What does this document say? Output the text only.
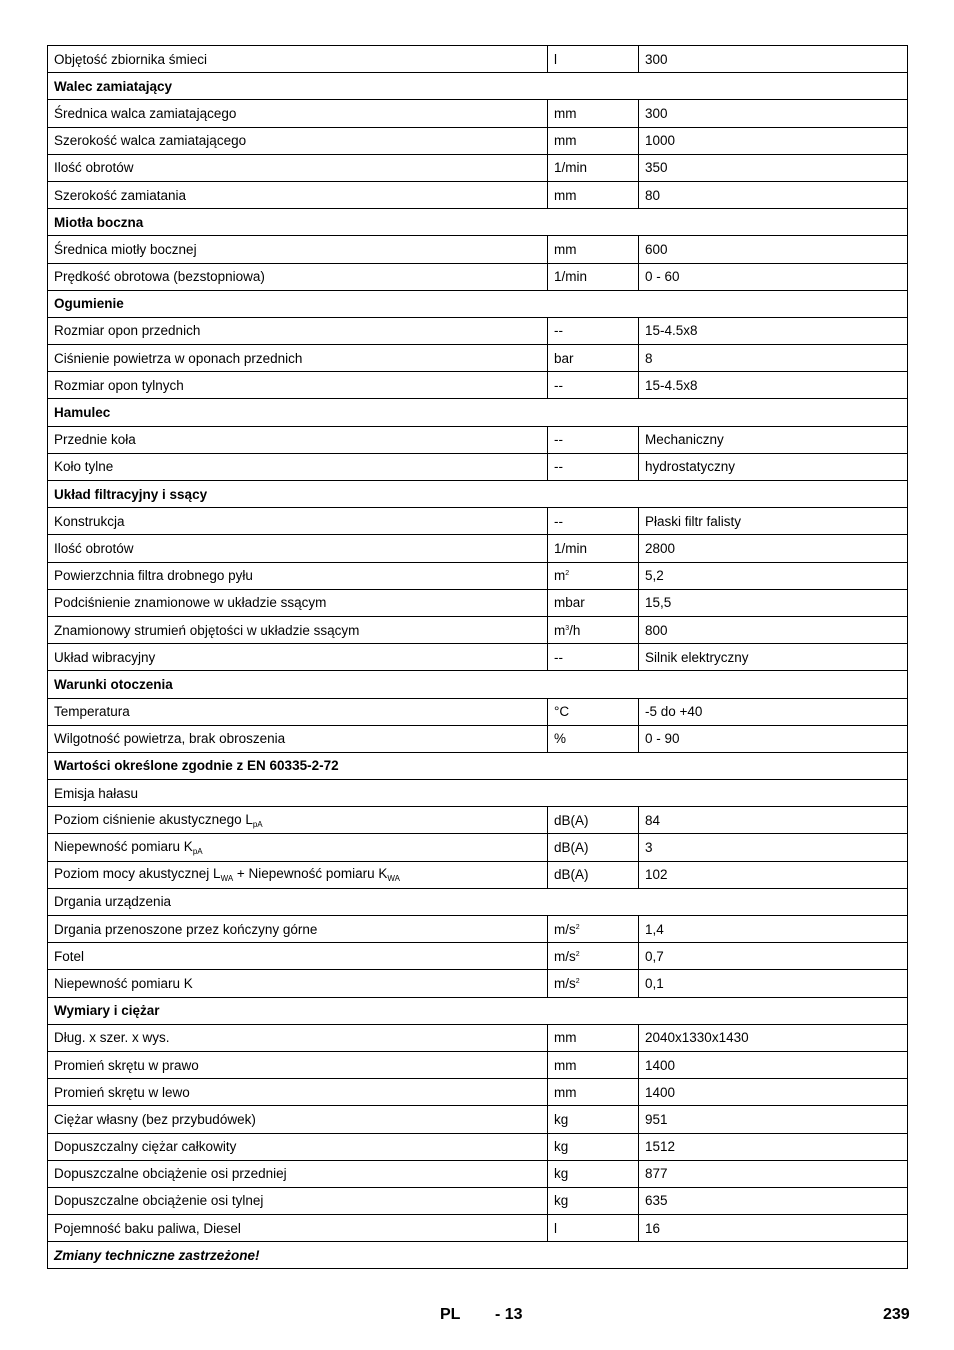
Objętość zbiornika śmieci	l	300
Walec zamiatający		
Średnica walca zamiatającego	mm	300
Szerokość walca zamiatającego	mm	1000
Ilość obrotów	1/min	350
Szerokość zamiatania	mm	80
Miotła boczna		
Średnica miotły bocznej	mm	600
Prędkość obrotowa (bezstopniowa)	1/min	0 - 60
Ogumienie		
Rozmiar opon przednich	--	15-4.5x8
Ciśnienie powietrza w oponach przednich	bar	8
Rozmiar opon tylnych	--	15-4.5x8
Hamulec		
Przednie koła	--	Mechaniczny
Koło tylne	--	hydrostatyczny
Układ filtracyjny i ssący		
Konstrukcja	--	Płaski filtr falisty
Ilość obrotów	1/min	2800
Powierzchnia filtra drobnego pyłu	$m^2$	5,2
Podciśnienie znamionowe w układzie ssącym	mbar	15,5
Znamionowy strumień objętości w układzie ssącym	$m^3/h$	800
Układ wibracyjny	--	Silnik elektryczny
Warunki otoczenia		
Temperatura	°C	-5 do +40
Wilgotność powietrza, brak obroszenia	%	0 - 90
Wartości określone zgodnie z EN 60335-2-72		
Emisja hałasu		
Poziom ciśnienie akustycznego $L_{pA}$	dB(A)	84
Niepewność pomiaru $K_{pA}$	dB(A)	3
Poziom mocy akustycznej $L_{WA}$ + Niepewność pomiaru $K_{WA}$	dB(A)	102
Drgania urządzenia		
Drgania przenoszone przez kończyny górne	$m/s^2$	1,4
Fotel	$m/s^2$	0,7
Niepewność pomiaru K	$m/s^2$	0,1
Wymiary i ciężar		
Dług. x szer. x wys.	mm	2040x1330x1430
Promień skrętu w prawo	mm	1400
Promień skrętu w lewo	mm	1400
Ciężar własny (bez przybudówek)	kg	951
Dopuszczalny ciężar całkowity	kg	1512
Dopuszczalne obciążenie osi przedniej	kg	877
Dopuszczalne obciążenie osi tylnej	kg	635
Pojemność baku paliwa, Diesel	l	16
Zmiany techniczne zastrzeżone!		
PL - 13	239
